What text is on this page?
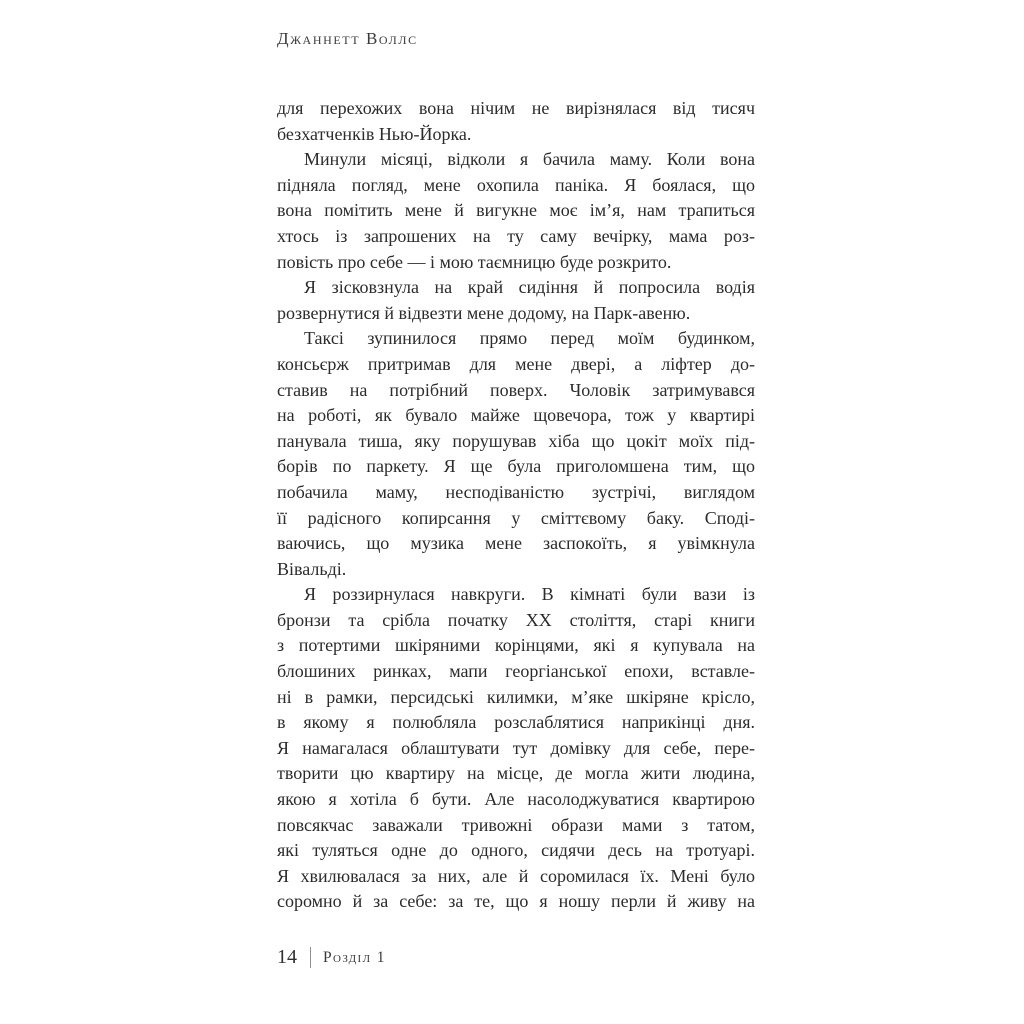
Джаннетт Воллс
для перехожих вона нічим не вирізнялася від тисяч
безхатченків Нью-Йорка.
Минули місяці, відколи я бачила маму. Коли вона
підняла погляд, мене охопила паніка. Я боялася, що
вона помітить мене й вигукне моє ім’я, нам трапиться
хтось із запрошених на ту саму вечірку, мама роз-
повість про себе — і мою таємницю буде розкрито.
Я зісковзнула на край сидіння й попросила водія
розвернутися й відвезти мене додому, на Парк-авеню.
Таксі зупинилося прямо перед моїм будинком,
консьєрж притримав для мене двері, а ліфтер до-
ставив на потрібний поверх. Чоловік затримувався
на роботі, як бувало майже щовечора, тож у квартирі
панувала тиша, яку порушував хіба що цокіт моїх під-
борів по паркету. Я ще була приголомшена тим, що
побачила маму, несподіваністю зустрічі, виглядом
її радісного копирсання у сміттєвому баку. Споді-
ваючись, що музика мене заспокоїть, я увімкнула
Вівальді.
Я роззирнулася навкруги. В кімнаті були вази із
бронзи та срібла початку XX століття, старі книги
з потертими шкіряними корінцями, які я купувала на
блошиних ринках, мапи георгіанської епохи, вставле-
ні в рамки, персидські килимки, м’яке шкіряне крісло,
в якому я полюбляла розслаблятися наприкінці дня.
Я намагалася облаштувати тут домівку для себе, пере-
творити цю квартиру на місце, де могла жити людина,
якою я хотіла б бути. Але насолоджуватися квартирою
повсякчас заважали тривожні образи мами з татом,
які туляться одне до одного, сидячи десь на тротуарі.
Я хвилювалася за них, але й соромилася їх. Мені було
соромно й за себе: за те, що я ношу перли й живу на
14 Розділ 1
